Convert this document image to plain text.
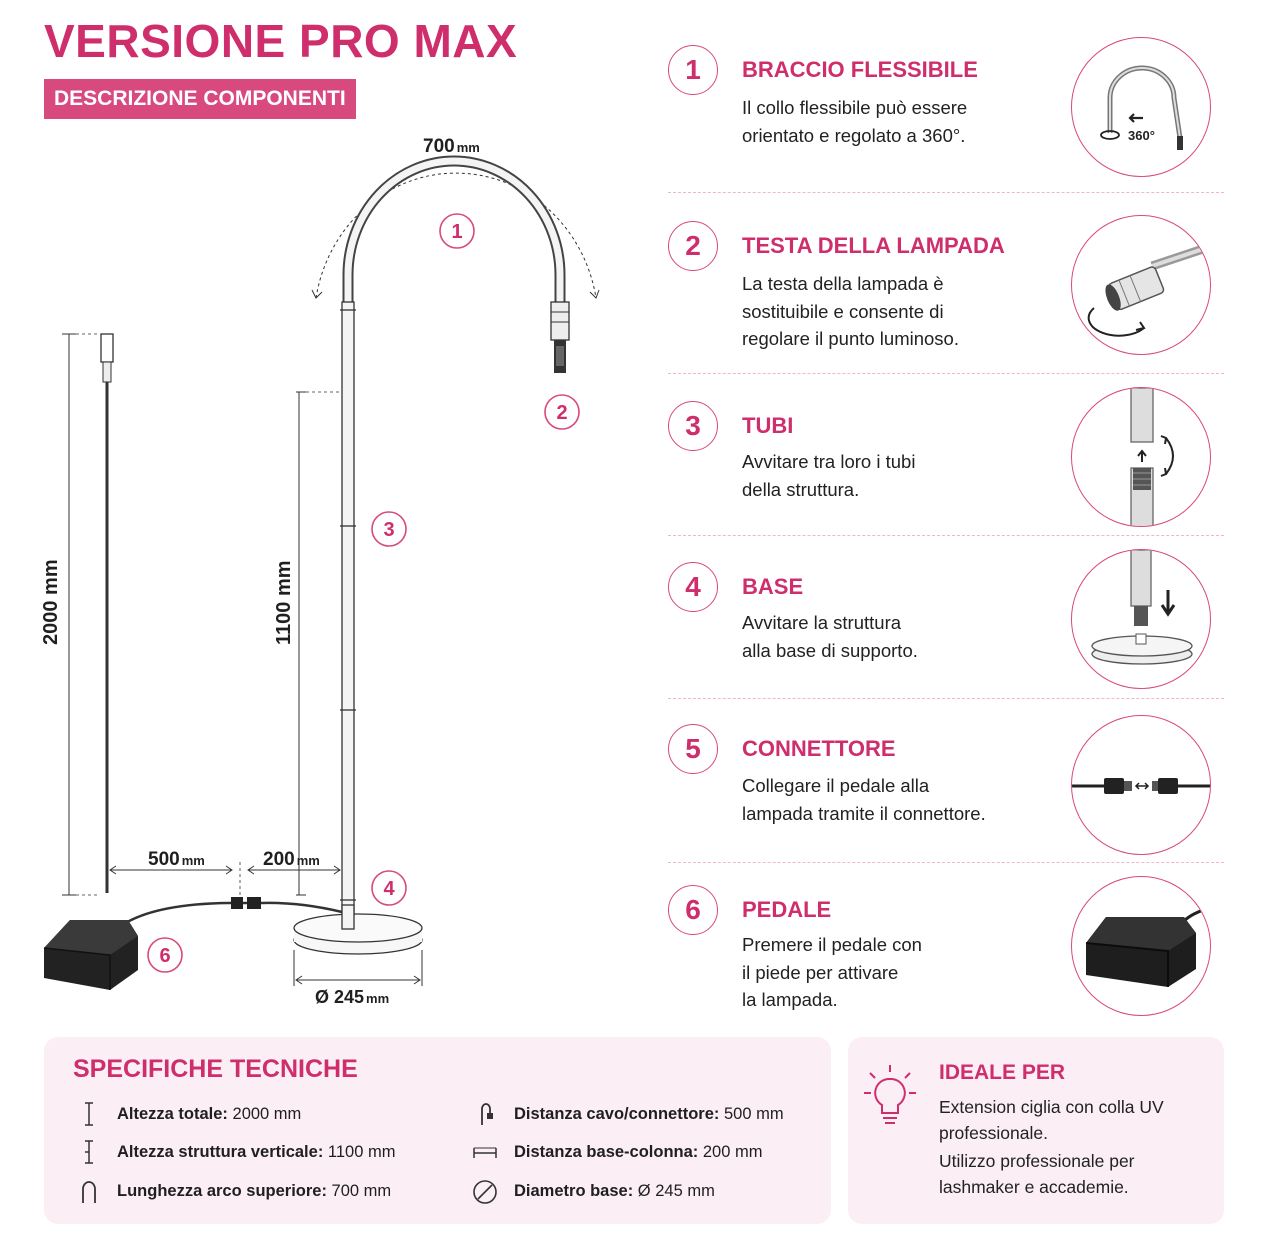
VERSIONE PRO MAX
DESCRIZIONE COMPONENTI
700 mm
Ø 245 mm
1100 mm
2000 mm
500 mm	200 mm
1
2
3
4
6
1	BRACCIO FLESSIBILE
Il collo flessibile può essere
orientato e regolato a 360°.	360°
2	TESTA DELLA LAMPADA
La testa della lampada è
sostituibile e consente di
regolare il punto luminoso.
3	TUBI
Avvitare tra loro i tubi
della struttura.
4	BASE
Avvitare la struttura
alla base di supporto.
5	CONNETTORE
Collegare il pedale alla
lampada tramite il connettore.
6	PEDALE
Premere il pedale con
il piede per attivare
la lampada.
SPECIFICHE TECNICHE
Altezza totale: 2000 mm
Altezza struttura verticale: 1100 mm
Lunghezza arco superiore: 700 mm
Distanza cavo/connettore: 500 mm
Distanza base-colonna: 200 mm
Diametro base: Ø 245 mm
IDEALE PER
Extension ciglia con colla UV professionale.
Utilizzo professionale per lashmaker e accademie.
